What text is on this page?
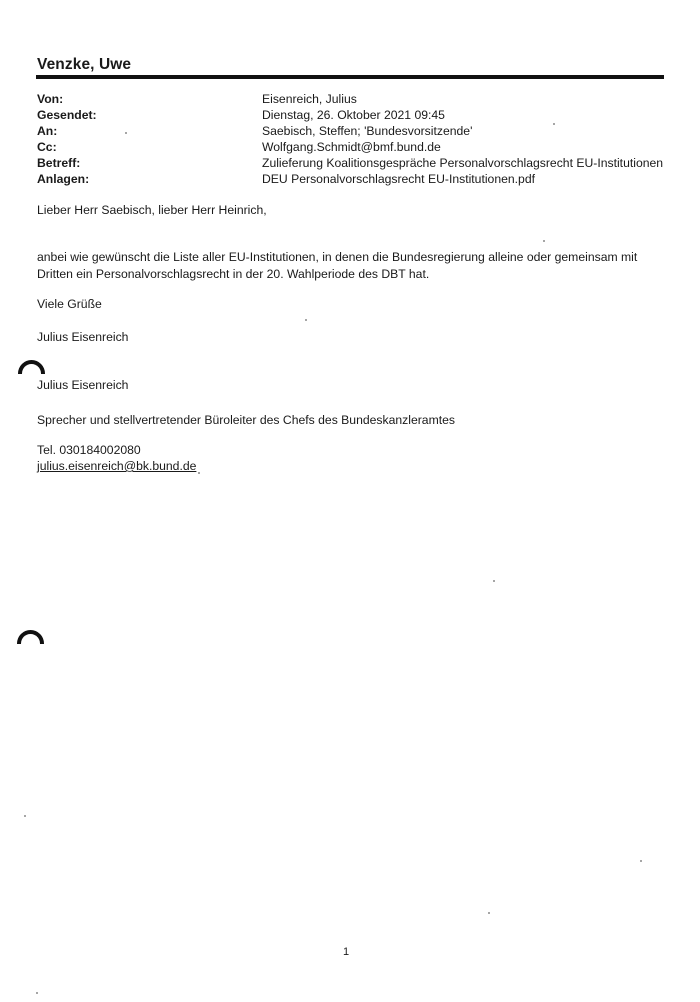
Venzke, Uwe
Von:	Eisenreich, Julius
Gesendet:	Dienstag, 26. Oktober 2021 09:45
An:	Saebisch, Steffen; 'Bundesvorsitzende'
Cc:	Wolfgang.Schmidt@bmf.bund.de
Betreff:	Zulieferung Koalitionsgespräche Personalvorschlagsrecht EU-Institutionen
Anlagen:	DEU Personalvorschlagsrecht EU-Institutionen.pdf
Lieber Herr Saebisch, lieber Herr Heinrich,
anbei wie gewünscht die Liste aller EU-Institutionen, in denen die Bundesregierung alleine oder gemeinsam mit
Dritten ein Personalvorschlagsrecht in der 20. Wahlperiode des DBT hat.
Viele Grüße
Julius Eisenreich
Julius Eisenreich
Sprecher und stellvertretender Büroleiter des Chefs des Bundeskanzleramtes
Tel. 030184002080
julius.eisenreich@bk.bund.de
1
